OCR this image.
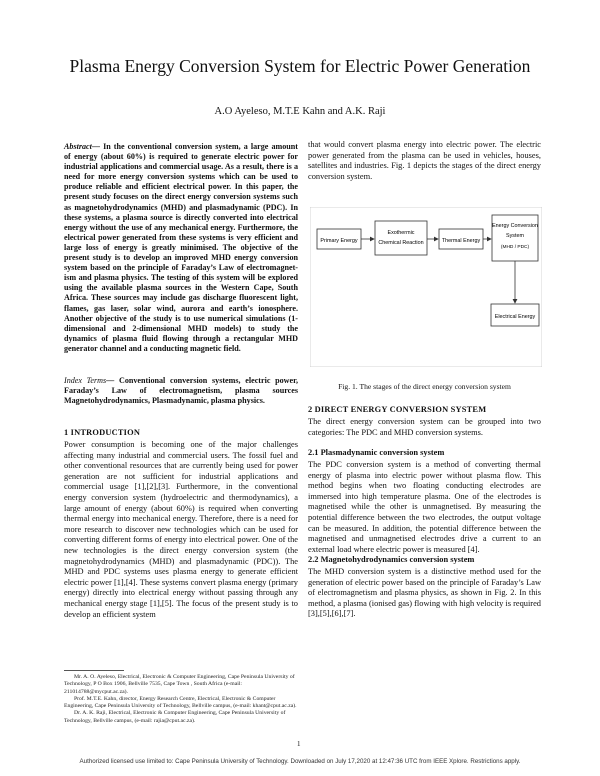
Plasma Energy Conversion System for Electric Power Generation
A.O Ayeleso, M.T.E Kahn and A.K. Raji
Abstract— In the conventional conversion system, a large amount of energy (about 60%) is required to generate electric power for industrial applications and commercial usage. As a result, there is a need for more energy conversion systems which can be used to produce reliable and efficient electrical power. In this paper, the present study focuses on the direct energy conversion systems such as magnetohydrodynamics (MHD) and plasmadynamic (PDC). In these systems, a plasma source is directly converted into electrical energy without the use of any mechanical energy. Furthermore, the electrical power generated from these systems is very efficient and large loss of energy is greatly minimised. The objective of the present study is to develop an improved MHD energy conversion system based on the principle of Faraday’s Law of electromagnet-ism and plasma physics. The testing of this system will be explored using the available plasma sources in the Western Cape, South Africa. These sources may include gas discharge fluorescent light, flames, gas laser, solar wind, aurora and earth’s ionosphere. Another objective of the study is to use numerical simulations (1-dimensional and 2-dimensional MHD models) to study the dynamics of plasma fluid flowing through a rectangular MHD generator channel and a conducting magnetic field.
Index Terms— Conventional conversion systems, electric power, Faraday’s Law of electromagnetism, plasma sources Magnetohydrodynamics, Plasmadynamic, plasma physics.
1 INTRODUCTION
Power consumption is becoming one of the major challenges affecting many industrial and commercial users. The fossil fuel and other conventional resources that are currently being used for power generation are not sufficient for industrial applications and commercial usage [1],[2],[3]. Furthermore, in the conventional energy conversion system (hydroelectric and thermodynamics), a large amount of energy (about 60%) is required when converting thermal energy into mechanical energy. Therefore, there is a need for more research to discover new technologies which can be used for converting different forms of energy into electrical power. One of the new technologies is the direct energy conversion system (the magnetohydrodynamics (MHD) and plasmadynamic (PDC)). The MHD and PDC systems uses plasma energy to generate efficient electric power [1],[4]. These systems convert plasma energy (primary energy) directly into electrical energy without passing through any mechanical energy stage [1],[5]. The focus of the present study is to develop an efficient system
Mr. A. O. Ayeleso, Electrical, Electronic & Computer Engineering, Cape Peninsula University of Technology, P O Box 1906, Bellville 7535, Cape Town , South Africa (e-mail: 211014788@mycput.ac.za).
Prof. M.T.E. Kahn, director, Energy Research Centre, Electrical, Electronic & Computer Engineering, Cape Peninsula University of Technology, Bellville campus, (e-mail: khant@cput.ac.za).
Dr. A. K. Raji, Electrical, Electronic & Computer Engineering, Cape Peninsula University of Technology, Bellville campus, (e-mail: rajia@cput.ac.za).
that would convert plasma energy into electric power. The electric power generated from the plasma can be used in vehicles, houses, satellites and industries. Fig. 1 depicts the stages of the direct energy conversion system.
Primary Energy
Exothermic
Chemical Reaction	Thermal Energy
Energy Conversion
System
(MHD / PDC)
Electrical Energy
Fig. 1. The stages of the direct energy conversion system
2 DIRECT ENERGY CONVERSION SYSTEM
The direct energy conversion system can be grouped into two categories: The PDC and MHD conversion systems.
2.1 Plasmadynamic conversion system
The PDC conversion system is a method of converting thermal energy of plasma into electric power without plasma flow. This method begins when two floating conducting electrodes are immersed into high temperature plasma. One of the electrodes is magnetised while the other is unmagnetised. By measuring the potential difference between the two electrodes, the output voltage can be measured. In addition, the potential difference between the magnetised and unmagnetised electrodes drive a current to an external load where electric power is measured [4].
2.2 Magnetohydrodynamics conversion system
The MHD conversion system is a distinctive method used for the generation of electric power based on the principle of Faraday’s Law of electromagnetism and plasma physics, as shown in Fig. 2. In this method, a plasma (ionised gas) flowing with high velocity is required [3],[5],[6],[7].
1
Authorized licensed use limited to: Cape Peninsula University of Technology. Downloaded on July 17,2020 at 12:47:36 UTC from IEEE Xplore. Restrictions apply.
